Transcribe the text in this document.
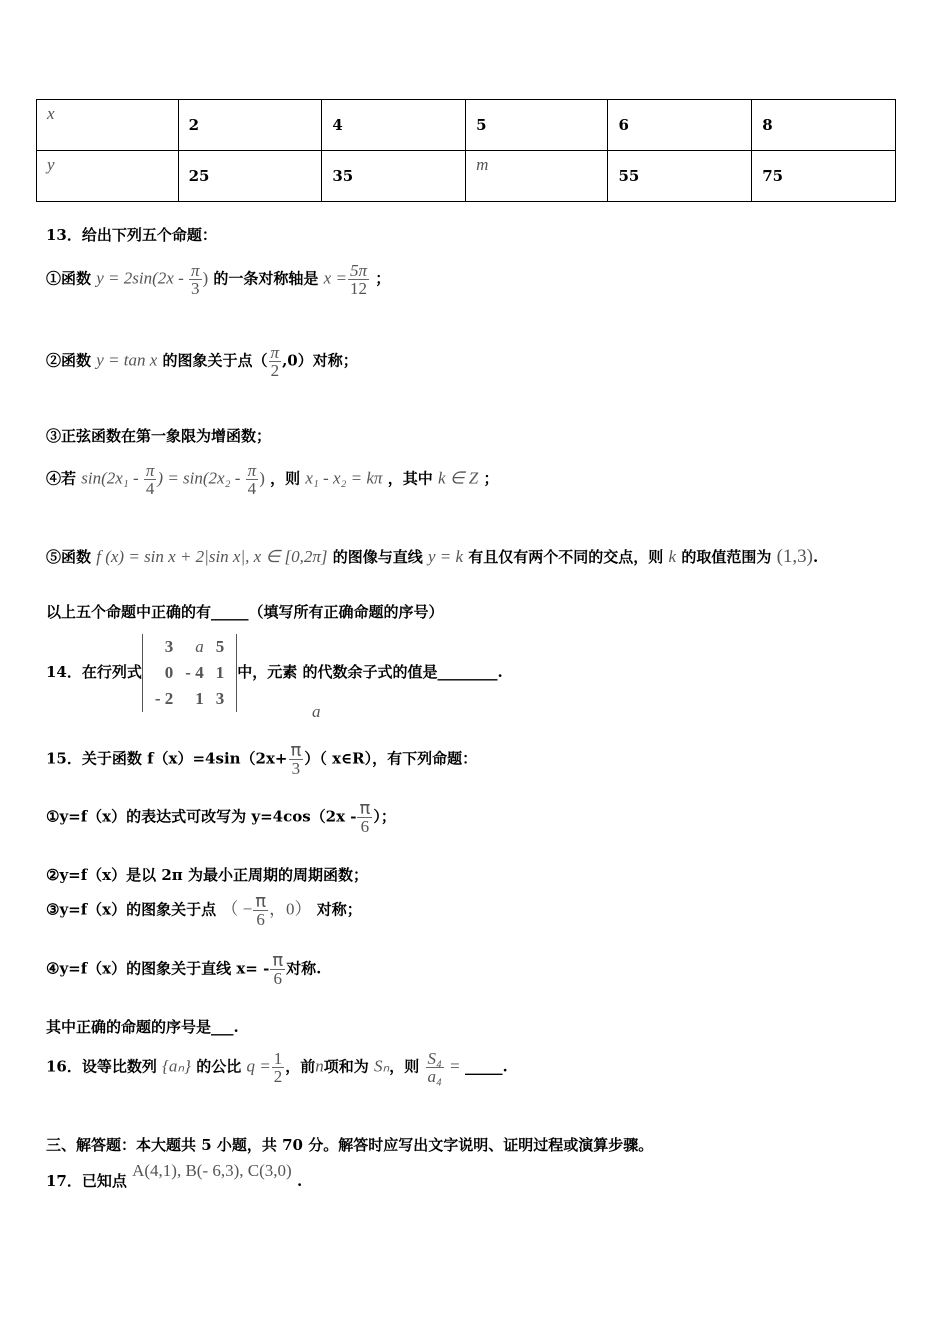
x	2	4	5	6	8
y	25	35	m	55	75
13．给出下列五个命题：
①函数 $y = 2\sin(2x - \frac{\pi}{3}$ ) 的一条对称轴是 $x = \frac{5\pi}{12}$ ；
②函数 y = tan x 的图象关于点（ $\frac{\pi}{2} ,0$）对称；
③正弦函数在第一象限为增函数；
④若 $\sin(2x_1 - \frac{\pi}{4}$ ) = $\sin(2x_2 - \frac{\pi}{4}$ ) ，则 x₁ - x₂ = kπ ，其中 k ∈ Z ；
⑤函数 f (x) = sin x + 2|sin x|, x ∈ [0,2π] 的图像与直线 y = k 有且仅有两个不同的交点，则 k 的取值范围为 (1,3).
以上五个命题中正确的有_____（填写所有正确命题的序号）
14．在行列式
3	a	5
0	- 4	1
- 2	1	3
中，元素 的代数余子式的值是________.
a
15．关于函数 $f(x)=4\sin(2x+ \frac{\pi}{3}$ ）（ x∈R），有下列命题：
①y=f（x）的表达式可改写为 $y=4\cos(2x - \frac{\pi}{6}$ ）；
②y=f（x）是以 2π 为最小正周期的周期函数；
③y=f（x）的图象关于点 （ − $\frac{\pi}{6}$ ，0） 对称；
④y=f（x）的图象关于直线 $x= - \frac{\pi}{6}$ 对称.
其中正确的命题的序号是___.
16．设等比数列 {aₙ} 的公比 $q = \frac{1}{2}$ ，前n项和为 Sₙ，则 $\frac{\text{S₄}}{\text{a₄}}$ = _____.
三、解答题：本大题共 5 小题，共 70 分。解答时应写出文字说明、证明过程或演算步骤。
17．已知点 A(4,1), B(- 6,3), C(3,0) .
